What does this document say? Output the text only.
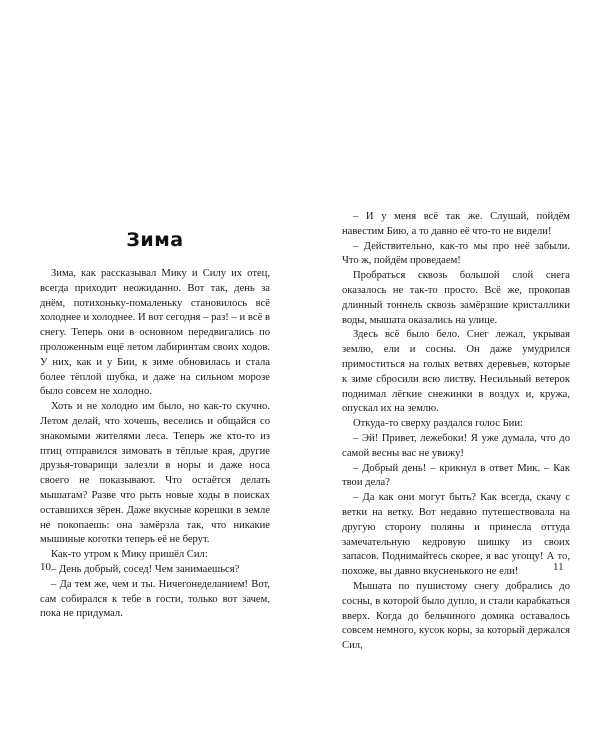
Зима

Зима, как рассказывал Мику и Силу их отец, всегда приходит неожиданно. Вот так, день за днём, потихоньку-помаленьку становилось всё холоднее и холоднее. И вот сегодня – раз! – и всё в снегу. Теперь они в основном передвигались по проложенным ещё летом лабиринтам своих ходов. У них, как и у Бии, к зиме обновилась и стала более тёплой шубка, и даже на сильном морозе было совсем не холодно.

Хоть и не холодно им было, но как-то скучно. Летом делай, что хочешь, веселись и общайся со знакомыми жителями леса. Теперь же кто-то из птиц отправился зимовать в тёплые края, другие друзья-товарищи залезли в норы и даже носа своего не показывают. Что остаётся делать мышатам? Разве что рыть новые ходы в поисках оставшихся зёрен. Даже вкусные корешки в земле не покопаешь: она замёрзла так, что никакие мышиные коготки теперь её не берут.

Как-то утром к Мику пришёл Сил:

– День добрый, сосед! Чем занимаешься?

– Да тем же, чем и ты. Ничегонеделанием! Вот, сам собирался к тебе в гости, только вот зачем, пока не придумал.

10

– И у меня всё так же. Слушай, пойдём навестим Бию, а то давно её что-то не видели!

– Действительно, как-то мы про неё забыли. Что ж, пойдём проведаем!

Пробраться сквозь большой слой снега оказалось не так-то просто. Всё же, прокопав длинный тоннель сквозь замёрзшие кристаллики воды, мышата оказались на улице.

Здесь всё было бело. Снег лежал, укрывая землю, ели и сосны. Он даже умудрился примоститься на голых ветвях деревьев, которые к зиме сбросили всю листву. Несильный ветерок поднимал лёгкие снежинки в воздух и, кружа, опускал их на землю.

Откуда-то сверху раздался голос Бии:

– Эй! Привет, лежебоки! Я уже думала, что до самой весны вас не увижу!

– Добрый день! – крикнул в ответ Мик. – Как твои дела?

– Да как они могут быть? Как всегда, скачу с ветки на ветку. Вот недавно путешествовала на другую сторону поляны и принесла оттуда замечательную кедровую шишку из своих запасов. Поднимайтесь скорее, я вас угощу! А то, похоже, вы давно вкусненького не ели!

Мышата по пушистому снегу добрались до сосны, в которой было дупло, и стали карабкаться вверх. Когда до бельчиного домика оставалось совсем немного, кусок коры, за который держался Сил,

11
